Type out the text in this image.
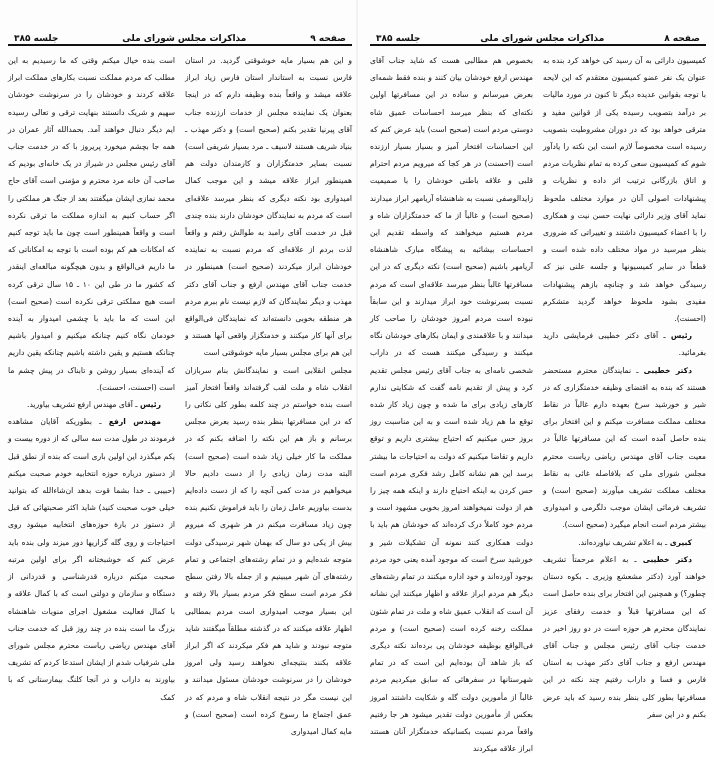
صفحه ۹
مذاکرات مجلس شورای ملی
جلسه ۳۸۵

و این هم بسیار مایه خوشوقتی گردید. در استان فارس نسبت به استاندار استان فارس زیاد ابراز علاقه میشد و واقعاً بنده وظیفه دارم که در اینجا بعنوان یک نماینده مجلس از خدمات ارزنده جناب آقای پیرنیا تقدیر بکنم (صحیح است) و دکتر مهذب ـ بنیاد شریف هستند لاسیف ـ مرد بسیار شریفی است) نسبت بسایر خدمتگزاران و کارمندان دولت هم همینطور ابراز علاقه میشد و این موجب کمال امیدواری بود نکته دیگری که بنظر میرسد علاقه‌ای است که مردم به نمایندگان خودشان دارند بنده چندی قبل در خدمت آقای رامبد به طوالش رفتم و واقعاً لذت بردم از علاقه‌ای که مردم نسبت به نماینده خودشان ابراز میکردند (صحیح است) همینطور در خدمت جناب آقای مهندس ارفع و جناب آقای دکتر مهذب و دیگر نمایندگان که لازم نیست نام ببرم مردم هر منطقه بخوبی دانسته‌اند که نمایندگان فی‌الواقع برای آنها کار میکنند و خدمتگزار واقعی آنها هستند و این هم برای مجلس بسیار مایه خوشوقتی است

مجلس انقلابی است و نمایندگانش بنام سربازان انقلاب شاه و ملت لقب گرفته‌اند واقعاً افتخار آمیز است بنده خواستم در چند کلمه بطور کلی نکاتی را که در این مسافرتها بنظر بنده رسید بعرض مجلس برسانم و باز هم این نکته را اضافه بکنم که در مملکت ما کار خیلی زیاد شده است (صحیح است) البته مدت زمان زیادی را از دست دادیم حالا میخواهیم در مدت کمی آنچه را که از دست داده‌ایم بدست بیاوریم عامل زمان را باید فراموش نکنیم بنده چون زیاد مسافرت میکنم در هر شهری که میروم بیش از یکی دو سال که بهمان شهر نرسیدگی دولت متوجه شده‌ایم و در تمام رشته‌های اجتماعی و تمام رشته‌های آن شهر میبینیم و از جمله بالا رفتن سطح فکر مردم است سطح فکر مردم بسیار بالا رفته و این بسیار موجب امیدواری است مردم بمطالبی اظهار علاقه میکنند که در گذشته مطلقاً میگفتند شاید متوجه نبودند و شاید هم فکر میکردند که اگر ابراز علاقه بکنند بنتیجه‌ای نخواهند رسید ولی امروز خودشان را در سرنوشت خودشان مسئول میدانند و این نیست مگر در نتیجه انقلاب شاه و مردم که در عمق اجتماع ما رسوخ کرده است (صحیح است) و مایه کمال امیدواری

است بنده خیال میکنم وقتی که ما رسیدیم به این مطلب که مردم مملکت نسبت بکارهای مملکت ابراز علاقه کردند و خودشان را در سرنوشت خودشان سهیم و شریک دانستند بنهایت ترقی و تعالی رسیده ایم دیگر دنبال خواهند آمد. بحمدالله آثار عمران در همه جا بچشم میخورد پریروز با که در خدمت جناب آقای رئیس مجلس در شیراز در یک خانه‌ای بودیم که صاحب آن خانه مرد محترم و مؤمنی است آقای حاج محمد نمازی ایشان میگفتند بعد از جنگ هر مملکتی را اگر حساب کنیم به اندازه مملکت ما ترقی نکرده است و واقعاً همینطور است چون ما باید توجه کنیم که امکانات هم کم بوده است با توجه به امکاناتی که ما داریم فی‌الواقع و بدون هیچگونه مبالغه‌ای اینقدر که کشور ما در طی این ۱۰ ـ ۱۵ سال ترقی کرده است هیچ مملکتی ترقی نکرده است (صحیح است) این است که ما باید با چشمی امیدوار به آینده خودمان نگاه کنیم چنانکه میکنیم و امیدوار باشیم چنانکه هستیم و یقین داشته باشیم چنانکه یقین داریم که آینده‌ای بسیار روشن و تابناک در پیش چشم ما است (احسنت، احسنت).

رئیس ـ آقای مهندس ارفع تشریف بیاورید.

مهندس ارفع ـ بطوریکه آقایان مشاهده فرمودند در طول مدت سه سالی که از دوره بیست و یکم میگذرد این اولین باری است که بنده از نطق قبل از دستور درباره حوزه انتخابیه خودم صحبت میکنم (حبیبی ـ خدا بشما قوت بدهد ان‌شاءالله که بتوانید خیلی خوب صحبت کنید) شاید اکثر صحبتهائی که قبل از دستور در بارهٔ حوزه‌های انتخابیه میشود روی احتیاجات و روی گله گزاریها دور میزند ولی بنده باید عرض کنم که خوشبختانه اگر برای اولین مرتبه صحبت میکنم درباره قدرشناسی و قدردانی از دستگاه و سازمان و دولتی است که با کمال علاقه و با کمال فعالیت مشغول اجرای منویات شاهنشاه بزرگ ما است بنده در چند روز قبل که خدمت جناب آقای مهندس ریاضی ریاست محترم مجلس شورای ملی شرفیاب شدم از ایشان استدعا کردم که تشریف بیاورند به داراب و در آنجا کلنگ بیمارستانی که با کمک

صفحه ۸
مذاکرات مجلس شورای ملی
جلسه ۳۸۵

کمیسیون دارائی به آن رسید کی خواهد کرد بنده به عنوان یک نفر عضو کمیسیون معتقدم که این لایحه با توجه بقوانین عدیده دیگر تا کنون در مورد مالیات بر درآمد بتصویب رسیده یکی از قوانین مفید و مترقی خواهد بود که در دوران مشروطیت بتصویب رسیده است مخصوصاً لازم است این نکته را یادآور شوم که کمیسیون سعی کرده به تمام نظریات مردم و اتاق بازرگانی ترتیب اثر داده و نظریات و پیشنهادات اصولی آنان در موارد مختلف ملحوظ نماید آقای وزیر دارائی نهایت حسن نیت و همکاری را با اعضاء کمیسیون داشتند و تغییراتی که ضروری بنظر میرسید در مواد مختلف داده شده است و قطعاً در سایر کمیسیونها و جلسه علنی نیز که رسیدگی خواهد شد و چنانچه بازهم پیشنهادات مفیدی بشود ملحوظ خواهد گردید متشکرم (احسنت).

رئیس ـ آقای دکتر خطیبی فرمایشی دارید بفرمائید.

دکتر خطیبی ـ نمایندگان محترم مستحضر هستند که بنده به اقتضای وظیفه خدمتگزاری که در شیر و خورشید سرخ بعهده دارم غالباً در نقاط مختلف مملکت مسافرت میکنم و این افتخار برای بنده حاصل آمده است که این مسافرتها غالباً در معیت جناب آقای مهندس ریاضی ریاست محترم مجلس شورای ملی که بلافاصله غائی به نقاط مختلف مملکت تشریف میآورند (صحیح است) و تشریف فرمائی ایشان موجب دلگرمی و امیدواری بیشتر مردم است انجام میگیرد (صحیح است).

کبیری ـ به اعلام تشریف نیاورده‌اند.

دکتر خطیبی ـ به اعلام مرحمتاً تشریف خواهند آورد (دکتر مشعشع وزیری ـ بکوه دستان چطور؟) و همچنین این افتخار برای بنده حاصل است که این مسافرتها قبلاً و خدمت رفقای عزیز نمایندگان محترم هر حوزه است در دو روز اخیر در خدمت جناب آقای رئیس مجلس و جناب آقای مهندس ارفع و جناب آقای دکتر مهذب به استان فارس و فسا و داراب رفتیم چند نکته در این مسافرتها بطور کلی بنظر بنده رسید که باید عرض بکنم و در این سفر

بخصوص هم مطالبی هست که شاید جناب آقای مهندس ارفع خودشان بیان کنند و بنده فقط شمه‌ای بعرض میرسانم و ساده در این مسافرتها اولین نکته‌ای که بنظر میرسد احساسات عمیق شاه دوستی مردم است (صحیح است) باید عرض کنم که این احساسات افتخار آمیز و بسیار بسیار ارزنده است (احسنت) در هر کجا که میرویم مردم احترام قلبی و علاقه باطنی خودشان را با صمیمیت زایدالوصفی نسبت به شاهنشاه آریامهر ابراز میدارند (صحیح است) و غالباً از ما که خدمتگزاران شاه و مردم هستیم میخواهند که واسطه تقدیم این احساسات بیشائبه به پیشگاه مبارک شاهنشاه آریامهر باشیم (صحیح است) نکته دیگری که در این مسافرتها غالباً بنظر میرسد علاقه‌ای است که مردم نسبت بسرنوشت خود ابراز میدارند و این سابقاً نبوده است مردم امروز خودشان را صاحب کار میدانند و با علاقمندی و ایمان بکارهای خودشان نگاه میکنند و رسیدگی میکنند هست که در داراب شخصی نامه‌ای به جناب آقای رئیس مجلس تقدیم کرد و پیش از تقدیم نامه گفت که شکایتی ندارم کارهای زیادی برای ما شده و چون زیاد کار شده توقع ما هم زیاد شده است و به این مناسبت روز بروز حس میکنیم که احتیاج بیشتری داریم و توقع داریم و تقاضا میکنیم که دولت به احتیاجات ما بیشتر برسد این هم نشانه کامل رشد فکری مردم است حس کردن به اینکه احتیاج دارند و اینکه همه چیز را هم از دولت نمیخواهند امروز بخوبی مشهود است و مردم خود کاملاً درک کرده‌اند که خودشان هم باید با دولت همکاری کنند نمونه آن تشکیلات شیر و خورشید سرخ است که موجود آمده یعنی خود مردم بوجود آورده‌اند و خود اداره میکنند در تمام رشته‌های دیگر هم مردم ابراز علاقه و اظهار میکنند این نشانه آن است که انقلاب عمیق شاه و ملت در تمام شئون مملکت رخنه کرده است (صحیح است) و مردم فی‌الواقع بوظیفه خودشان پی برده‌اند نکته دیگری که باز شاهد آن بوده‌ایم این است که در تمام شهرستانها در سفرهائی که سابق میکردیم مردم غالباً از مأمورین دولت گله و شکایت داشتند امروز بعکس از مأمورین دولت تقدیر میشود هر جا رفتیم واقعاً مردم نسبت بکسانیکه خدمتگزار آنان هستند ابراز علاقه میکردند
